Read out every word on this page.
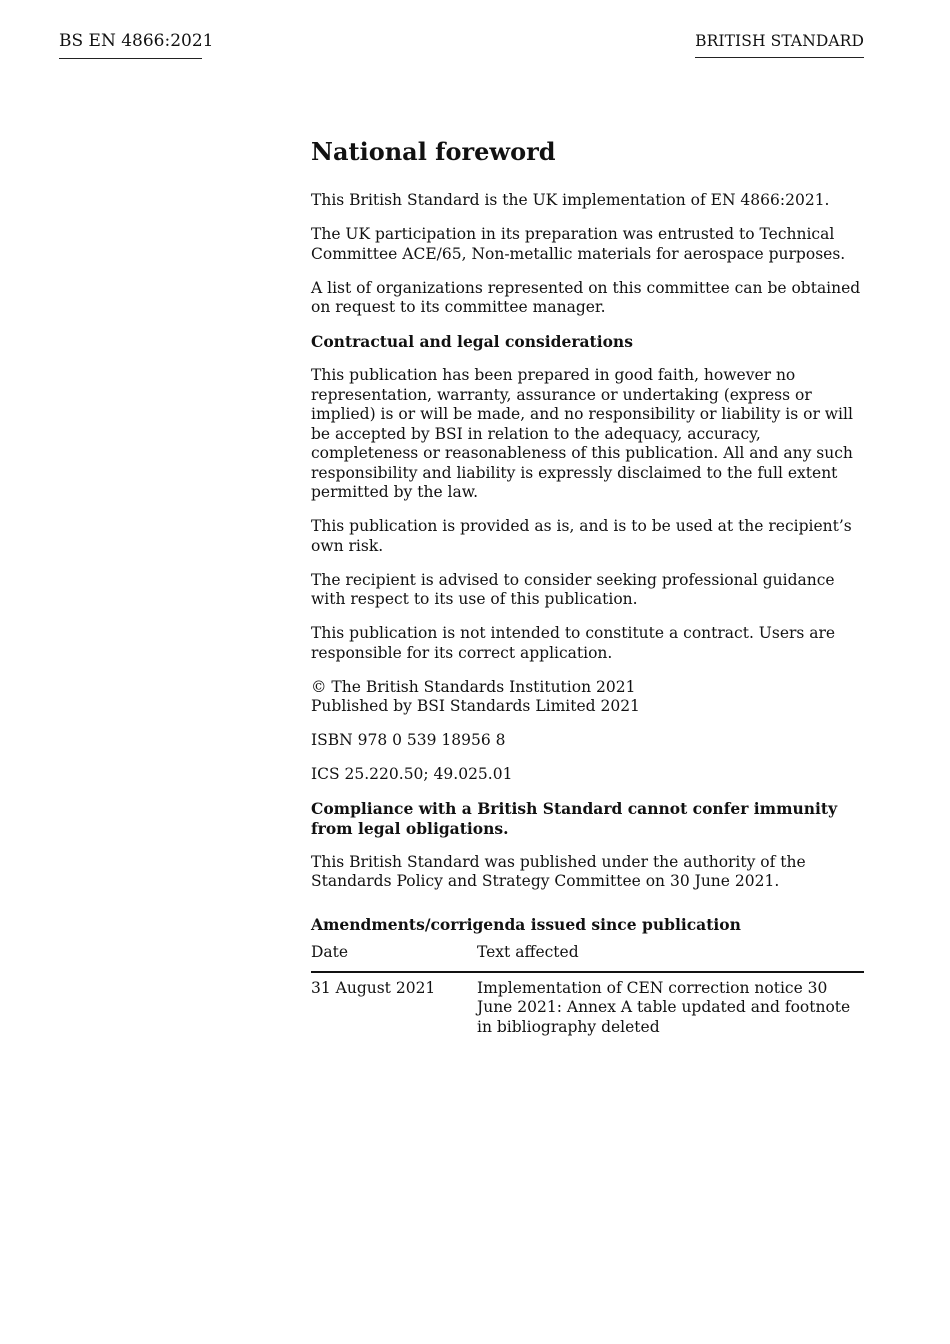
BS EN 4866:2021	BRITISH STANDARD
National foreword

This British Standard is the UK implementation of EN 4866:2021.

The UK participation in its preparation was entrusted to Technical Committee ACE/65, Non-metallic materials for aerospace purposes.

A list of organizations represented on this committee can be obtained on request to its committee manager.

Contractual and legal considerations

This publication has been prepared in good faith, however no representation, warranty, assurance or undertaking (express or implied) is or will be made, and no responsibility or liability is or will be accepted by BSI in relation to the adequacy, accuracy, completeness or reasonableness of this publication. All and any such responsibility and liability is expressly disclaimed to the full extent permitted by the law.

This publication is provided as is, and is to be used at the recipient’s own risk.

The recipient is advised to consider seeking professional guidance with respect to its use of this publication.

This publication is not intended to constitute a contract. Users are responsible for its correct application.

© The British Standards Institution 2021
Published by BSI Standards Limited 2021

ISBN 978 0 539 18956 8

ICS 25.220.50; 49.025.01

Compliance with a British Standard cannot confer immunity from legal obligations.

This British Standard was published under the authority of the Standards Policy and Strategy Committee on 30 June 2021.

Amendments/corrigenda issued since publication
Date	Text affected
31 August 2021	Implementation of CEN correction notice 30 June 2021: Annex A table updated and footnote in bibliography deleted
